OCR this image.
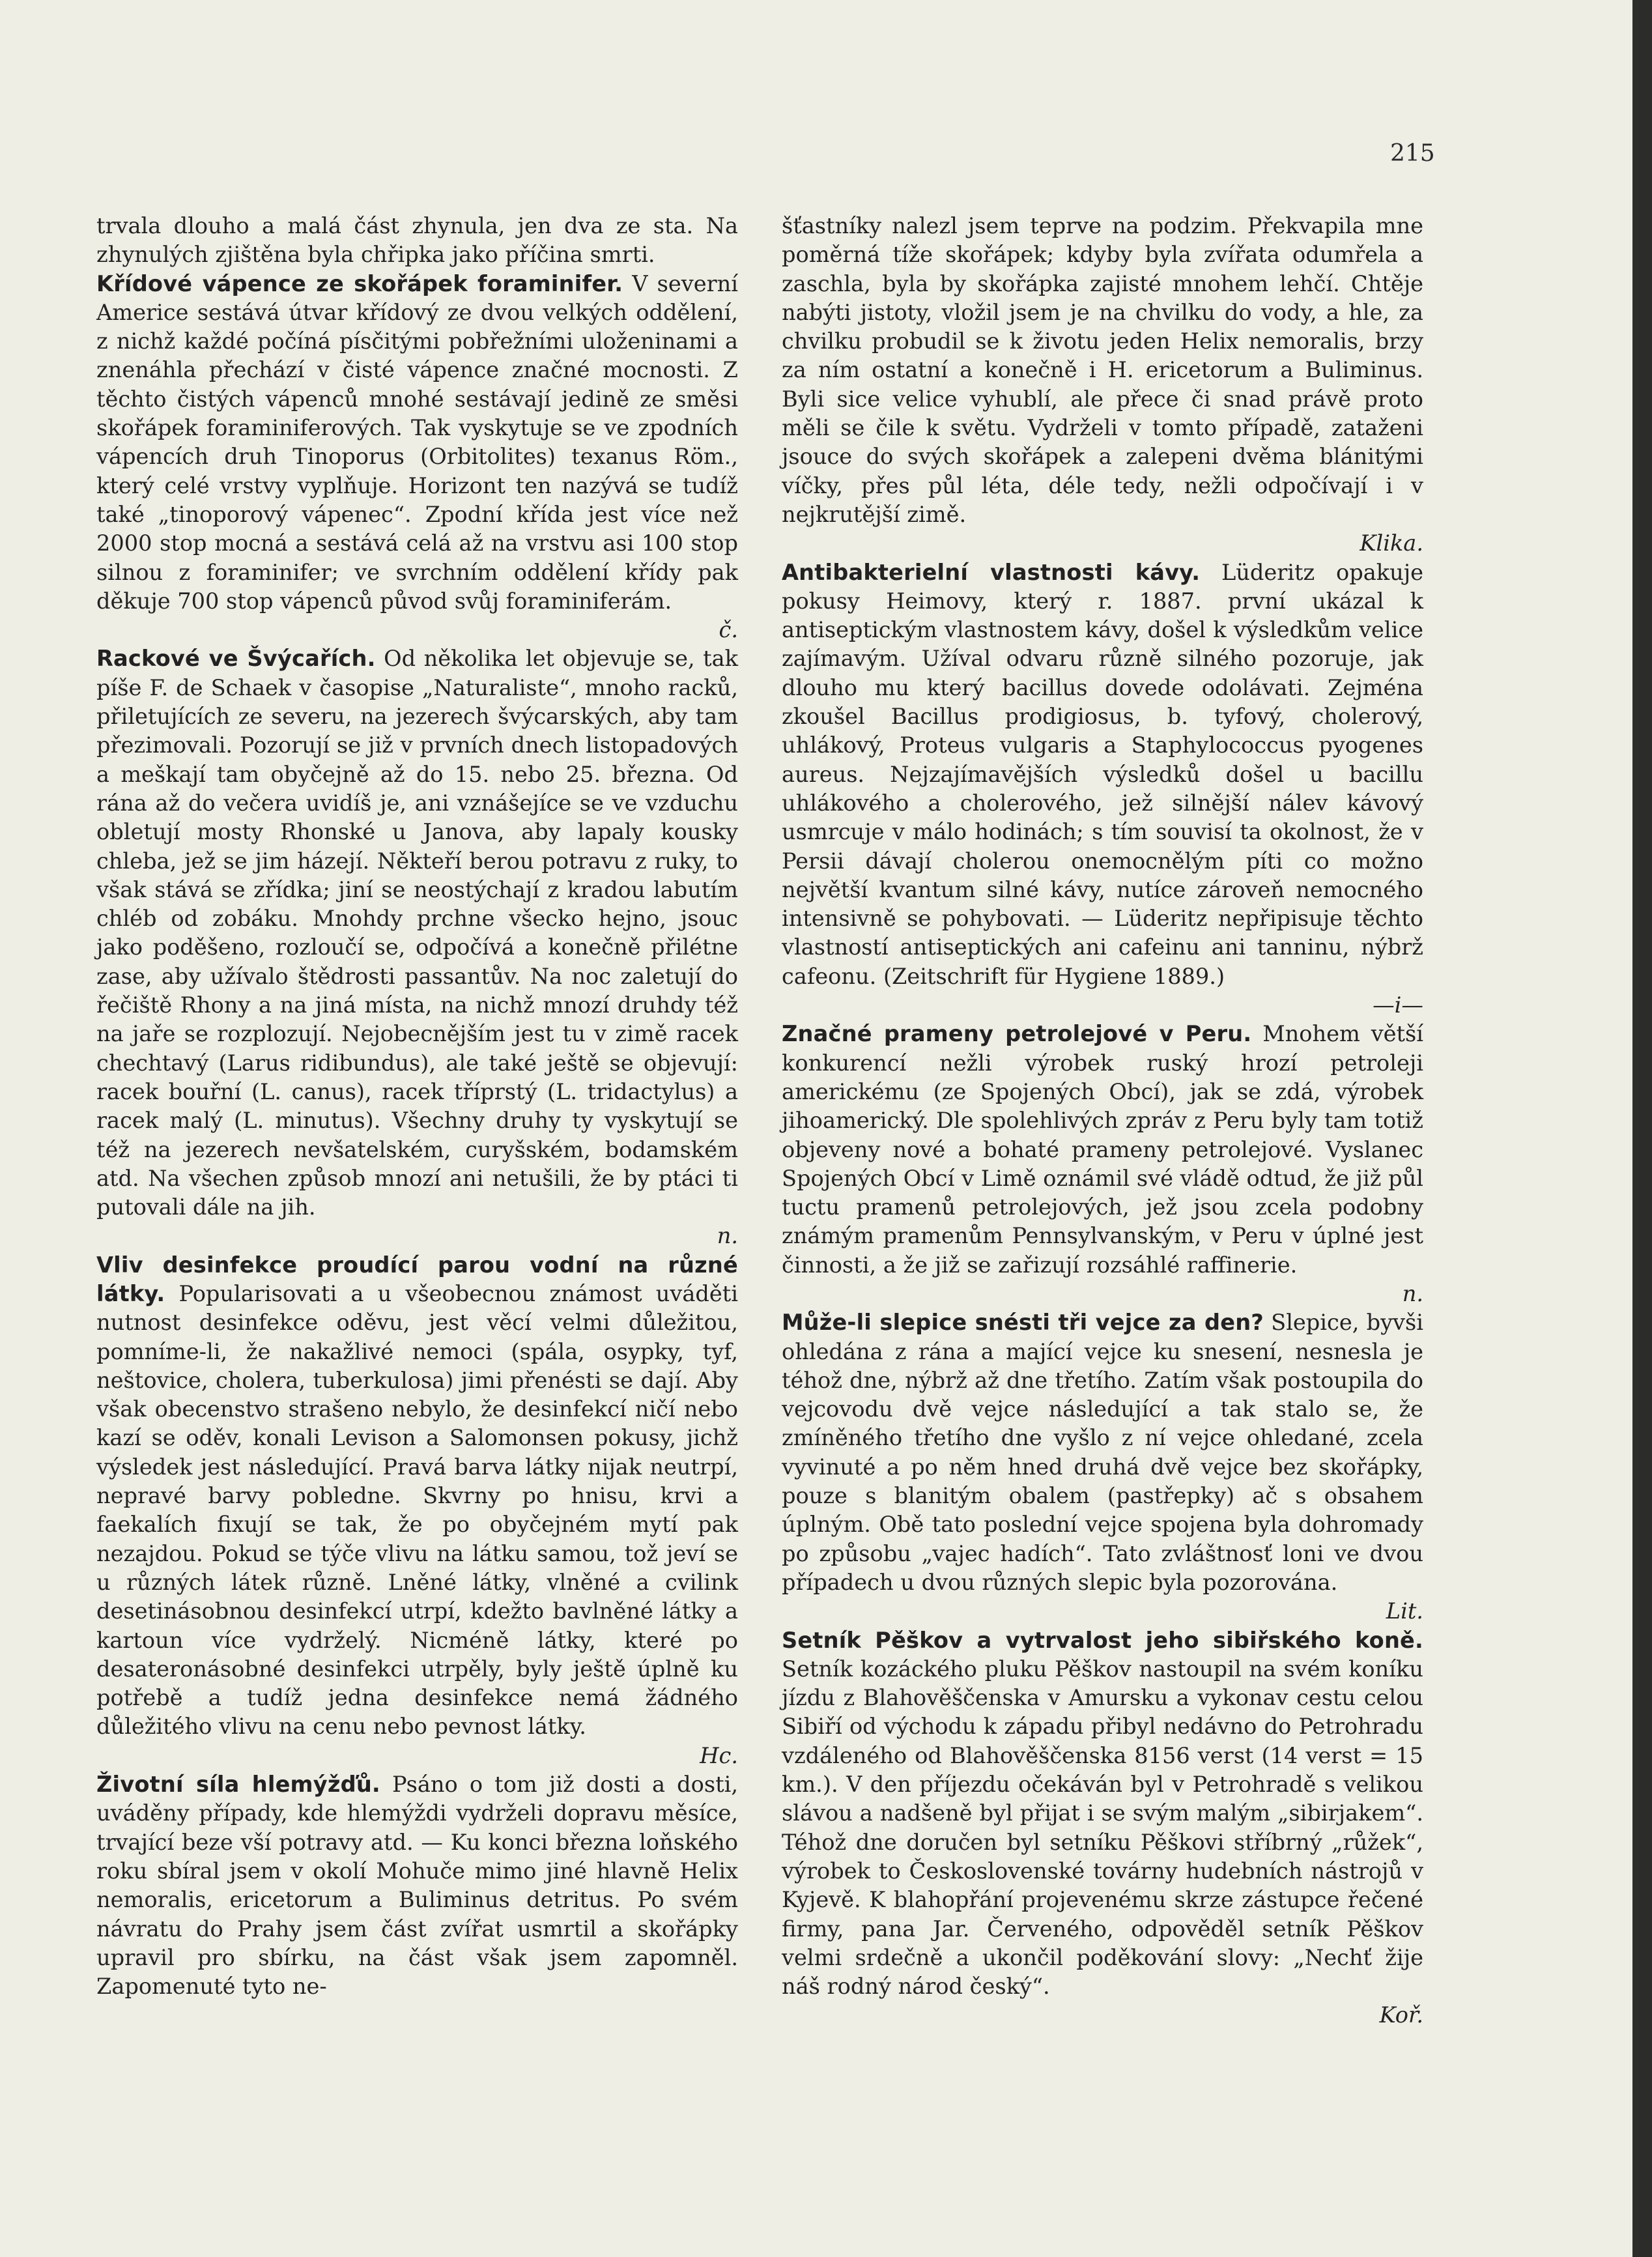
215

trvala dlouho a malá část zhynula, jen dva ze sta. Na zhynulých zjištěna byla chřipka jako příčina smrti.

Křídové vápence ze skořápek foraminifer. V severní Americe sestává útvar křídový ze dvou velkých oddělení, z nichž každé počíná písčitými pobřežními uloženinami a znenáhla přechází v čisté vápence značné mocnosti. Z těchto čistých vápenců mnohé sestávají jedině ze směsi skořápek foraminiferových. Tak vyskytuje se ve zpodních vápencích druh Tinoporus (Orbitolites) texanus Röm., který celé vrstvy vyplňuje. Horizont ten nazývá se tudíž také „tinoporový vápenec“. Zpodní křída jest více než 2000 stop mocná a sestává celá až na vrstvu asi 100 stop silnou z foraminifer; ve svrchním oddělení křídy pak děkuje 700 stop vápenců původ svůj foraminiferám.
č.

Rackové ve Švýcařích. Od několika let objevuje se, tak píše F. de Schaek v časopise „Naturaliste“, mnoho racků, přiletujících ze severu, na jezerech švýcarských, aby tam přezimovali. Pozorují se již v prvních dnech listopadových a meškají tam obyčejně až do 15. nebo 25. března. Od rána až do večera uvidíš je, ani vznášejíce se ve vzduchu obletují mosty Rhonské u Janova, aby lapaly kousky chleba, jež se jim házejí. Někteří berou potravu z ruky, to však stává se zřídka; jiní se neostýchají z kradou labutím chléb od zobáku. Mnohdy prchne všecko hejno, jsouc jako poděšeno, rozloučí se, odpočívá a konečně přilétne zase, aby užívalo štědrosti passantův. Na noc zaletují do řečiště Rhony a na jiná místa, na nichž mnozí druhdy též na jaře se rozplozují. Nejobecnějším jest tu v zimě racek chechtavý (Larus ridibundus), ale také ještě se objevují: racek bouřní (L. canus), racek tříprstý (L. tridactylus) a racek malý (L. minutus). Všechny druhy ty vyskytují se též na jezerech nevšatelském, curyšském, bodamském atd. Na všechen způsob mnozí ani netušili, že by ptáci ti putovali dále na jih.
n.

Vliv desinfekce proudící parou vodní na různé látky. Popularisovati a u všeobecnou známost uváděti nutnost desinfekce oděvu, jest věcí velmi důležitou, pomníme-li, že nakažlivé nemoci (spála, osypky, tyf, neštovice, cholera, tuberkulosa) jimi přenésti se dají. Aby však obecenstvo strašeno nebylo, že desinfekcí ničí nebo kazí se oděv, konali Levison a Salomonsen pokusy, jichž výsledek jest následující. Pravá barva látky nijak neutrpí, nepravé barvy pobledne. Skvrny po hnisu, krvi a faekalích fixují se tak, že po obyčejném mytí pak nezajdou. Pokud se týče vlivu na látku samou, tož jeví se u různých látek různě. Lněné látky, vlněné a cvilink desetinásobnou desinfekcí utrpí, kdežto bavlněné látky a kartoun více vydrželý. Nicméně látky, které po desateronásobné desinfekci utrpěly, byly ještě úplně ku potřebě a tudíž jedna desinfekce nemá žádného důležitého vlivu na cenu nebo pevnost látky.
Hc.

Životní síla hlemýžďů. Psáno o tom již dosti a dosti, uváděny případy, kde hlemýždi vydrželi dopravu měsíce, trvající beze vší potravy atd. — Ku konci března loňského roku sbíral jsem v okolí Mohuče mimo jiné hlavně Helix nemoralis, ericetorum a Buliminus detritus. Po svém návratu do Prahy jsem část zvířat usmrtil a skořápky upravil pro sbírku, na část však jsem zapomněl. Zapomenuté tyto ne-

šťastníky nalezl jsem teprve na podzim. Překvapila mne poměrná tíže skořápek; kdyby byla zvířata odumřela a zaschla, byla by skořápka zajisté mnohem lehčí. Chtěje nabýti jistoty, vložil jsem je na chvilku do vody, a hle, za chvilku probudil se k životu jeden Helix nemoralis, brzy za ním ostatní a konečně i H. ericetorum a Buliminus. Byli sice velice vyhublí, ale přece či snad právě proto měli se čile k světu. Vydrželi v tomto případě, zataženi jsouce do svých skořápek a zalepeni dvěma blánitými víčky, přes půl léta, déle tedy, nežli odpočívají i v nejkrutější zimě.
Klika.

Antibakterielní vlastnosti kávy. Lüderitz opakuje pokusy Heimovy, který r. 1887. první ukázal k antiseptickým vlastnostem kávy, došel k výsledkům velice zajímavým. Užíval odvaru různě silného pozoruje, jak dlouho mu který bacillus dovede odolávati. Zejména zkoušel Bacillus prodigiosus, b. tyfový, cholerový, uhlákový, Proteus vulgaris a Staphylococcus pyogenes aureus. Nejzajímavějších výsledků došel u bacillu uhlákového a cholerového, jež silnější nálev kávový usmrcuje v málo hodinách; s tím souvisí ta okolnost, že v Persii dávají cholerou onemocnělým píti co možno největší kvantum silné kávy, nutíce zároveň nemocného intensivně se pohybovati. — Lüderitz nepřipisuje těchto vlastností antiseptických ani cafeinu ani tanninu, nýbrž cafeonu. (Zeitschrift für Hygiene 1889.)
—i—

Značné prameny petrolejové v Peru. Mnohem větší konkurencí nežli výrobek ruský hrozí petroleji americkému (ze Spojených Obcí), jak se zdá, výrobek jihoamerický. Dle spolehlivých zpráv z Peru byly tam totiž objeveny nové a bohaté prameny petrolejové. Vyslanec Spojených Obcí v Limě oznámil své vládě odtud, že již půl tuctu pramenů petrolejových, jež jsou zcela podobny známým pramenům Pennsylvanským, v Peru v úplné jest činnosti, a že již se zařizují rozsáhlé raffinerie.
n.

Může-li slepice snésti tři vejce za den? Slepice, byvši ohledána z rána a mající vejce ku snesení, nesnesla je téhož dne, nýbrž až dne třetího. Zatím však postoupila do vejcovodu dvě vejce následující a tak stalo se, že zmíněného třetího dne vyšlo z ní vejce ohledané, zcela vyvinuté a po něm hned druhá dvě vejce bez skořápky, pouze s blanitým obalem (pastřepky) ač s obsahem úplným. Obě tato poslední vejce spojena byla dohromady po způsobu „vajec hadích“. Tato zvláštnosť loni ve dvou případech u dvou různých slepic byla pozorována.
Lit.

Setník Pěškov a vytrvalost jeho sibiřského koně. Setník kozáckého pluku Pěškov nastoupil na svém koníku jízdu z Blahověščenska v Amursku a vykonav cestu celou Sibiří od východu k západu přibyl nedávno do Petrohradu vzdáleného od Blahověščenska 8156 verst (14 verst = 15 km.). V den příjezdu očekáván byl v Petrohradě s velikou slávou a nadšeně byl přijat i se svým malým „sibirjakem“. Téhož dne doručen byl setníku Pěškovi stříbrný „růžek“, výrobek to Československé továrny hudebních nástrojů v Kyjevě. K blahopřání projevenému skrze zástupce řečené firmy, pana Jar. Červeného, odpověděl setník Pěškov velmi srdečně a ukončil poděkování slovy: „Nechť žije náš rodný národ český“.
Koř.
